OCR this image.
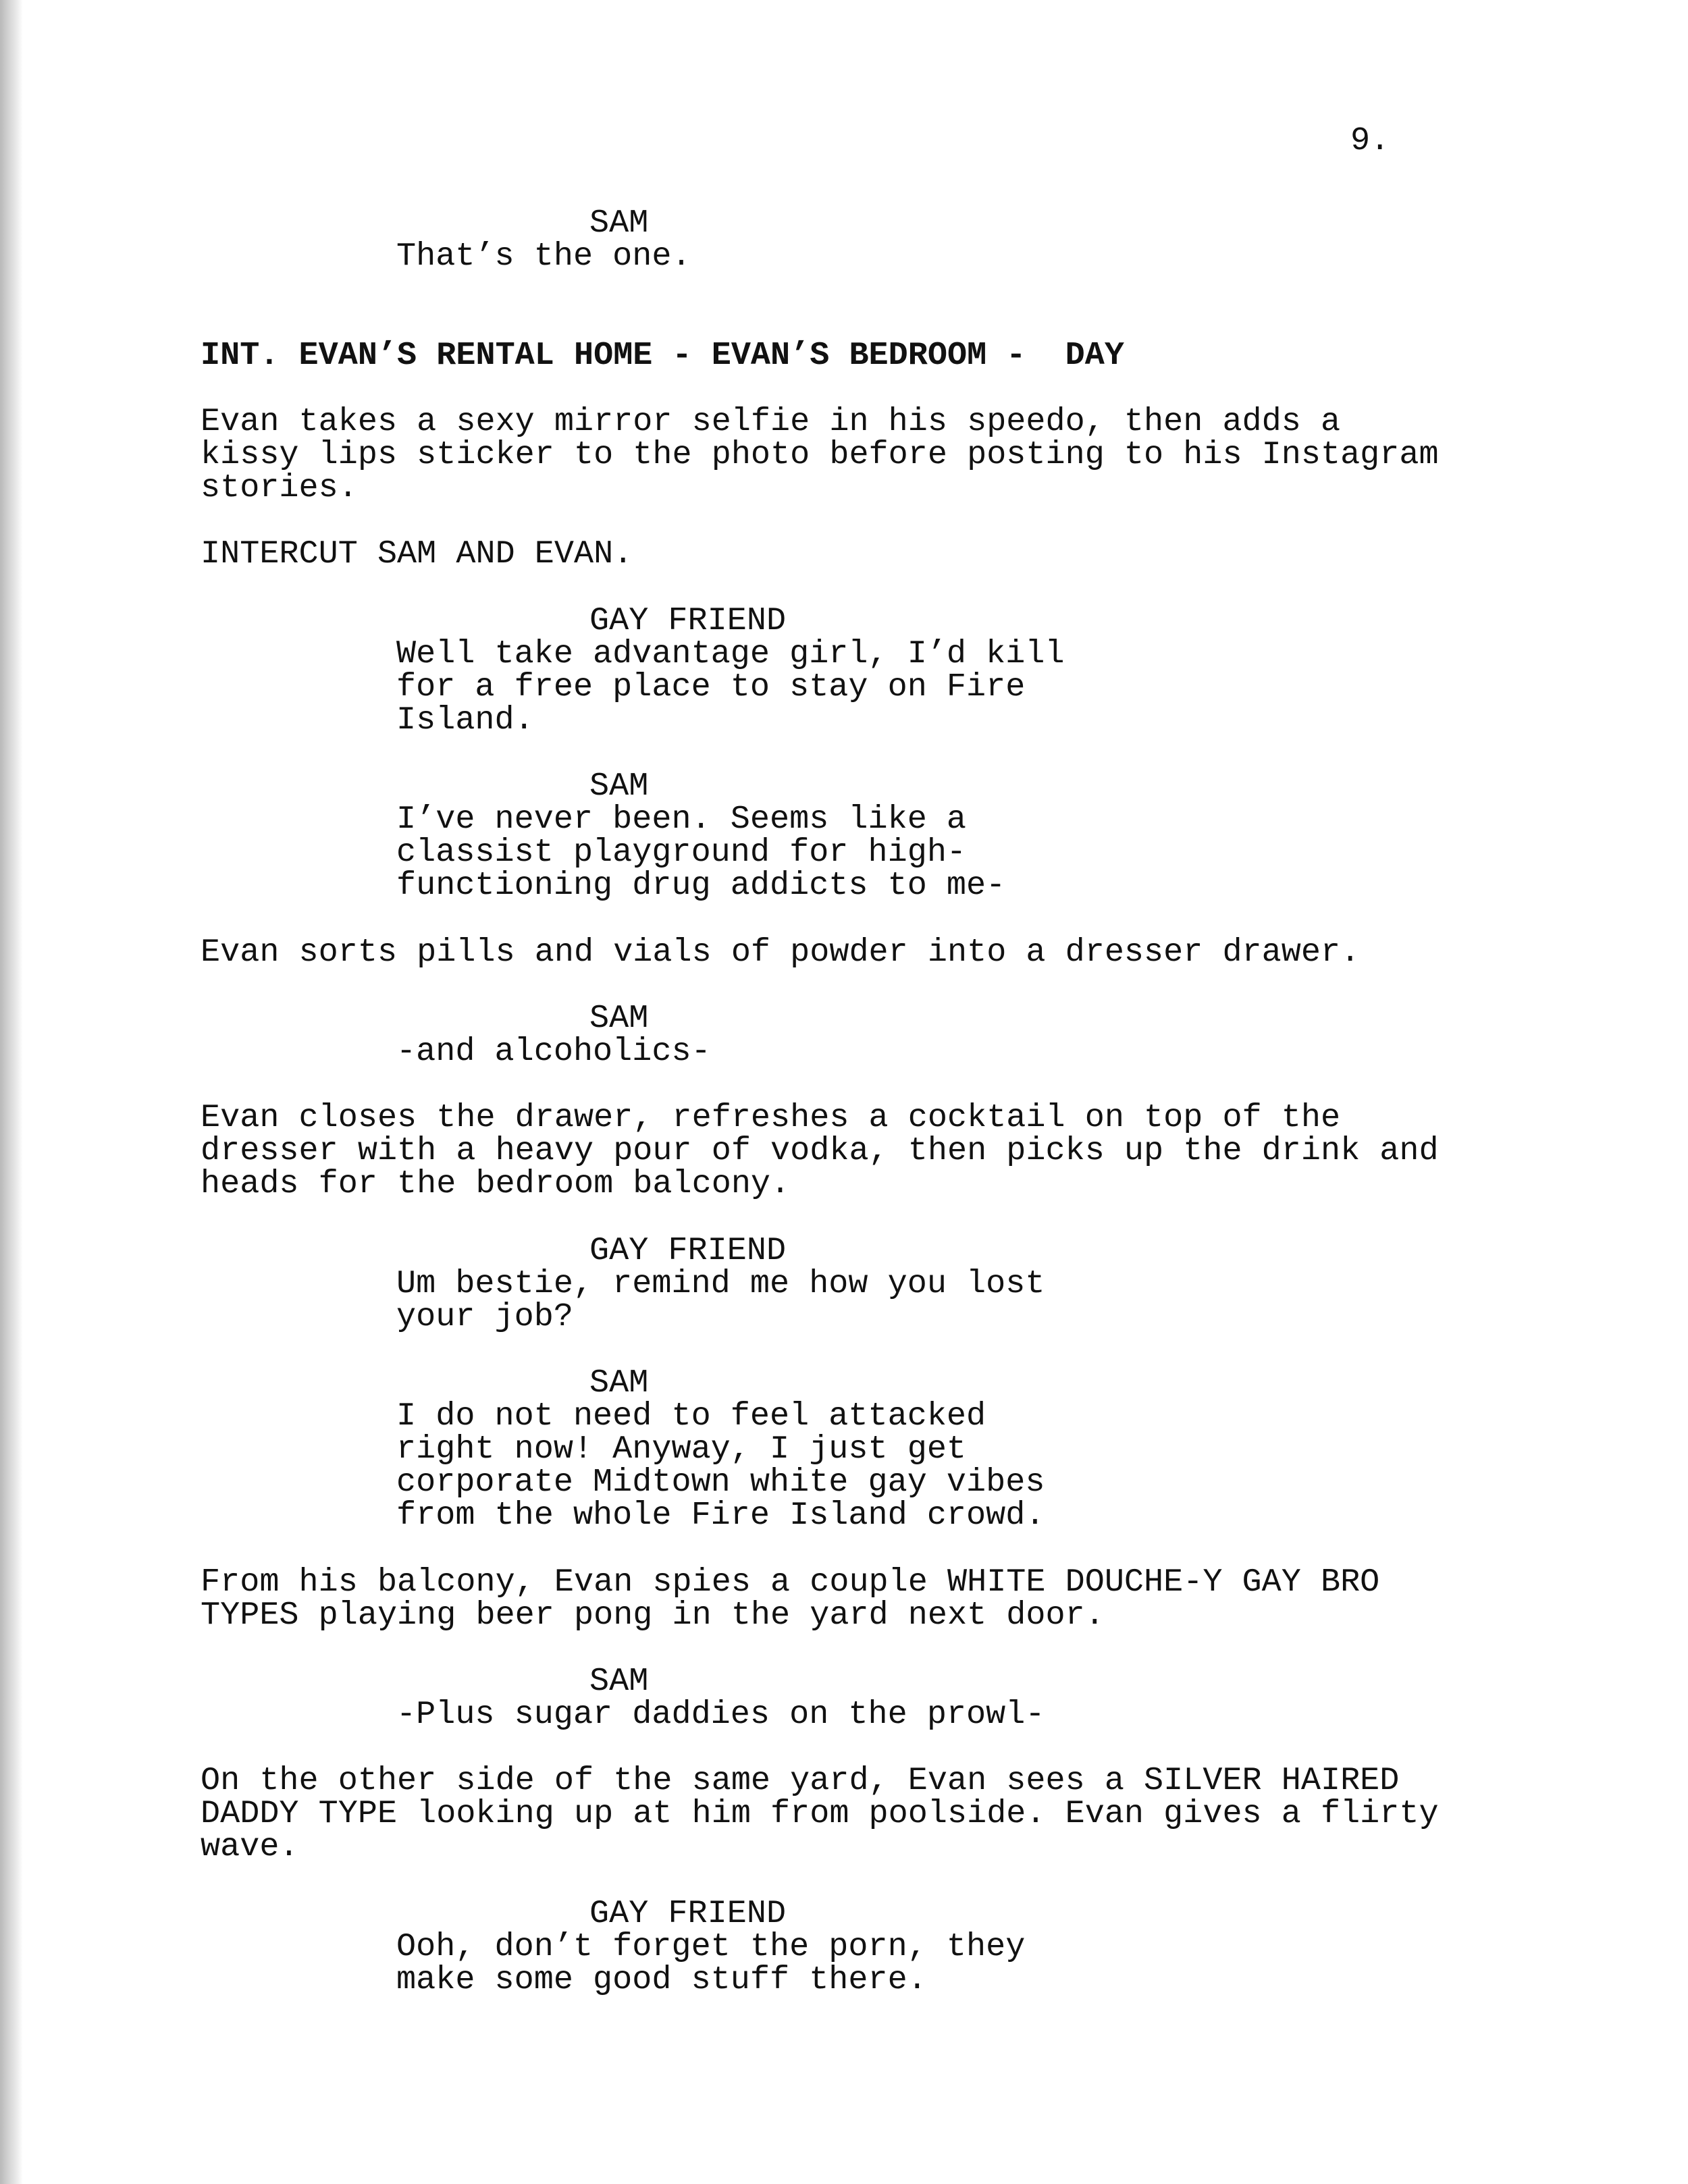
9.
SAM
That’s the one.
INT. EVAN’S RENTAL HOME - EVAN’S BEDROOM -  DAY
Evan takes a sexy mirror selfie in his speedo, then adds a
kissy lips sticker to the photo before posting to his Instagram
stories.
INTERCUT SAM AND EVAN.
GAY FRIEND
Well take advantage girl, I’d kill
for a free place to stay on Fire
Island.
SAM
I’ve never been. Seems like a
classist playground for high-
functioning drug addicts to me-
Evan sorts pills and vials of powder into a dresser drawer.
SAM
-and alcoholics-
Evan closes the drawer, refreshes a cocktail on top of the
dresser with a heavy pour of vodka, then picks up the drink and
heads for the bedroom balcony.
GAY FRIEND
Um bestie, remind me how you lost
your job?
SAM
I do not need to feel attacked
right now! Anyway, I just get
corporate Midtown white gay vibes
from the whole Fire Island crowd.
From his balcony, Evan spies a couple WHITE DOUCHE-Y GAY BRO
TYPES playing beer pong in the yard next door.
SAM
-Plus sugar daddies on the prowl-
On the other side of the same yard, Evan sees a SILVER HAIRED
DADDY TYPE looking up at him from poolside. Evan gives a flirty
wave.
GAY FRIEND
Ooh, don’t forget the porn, they
make some good stuff there.
